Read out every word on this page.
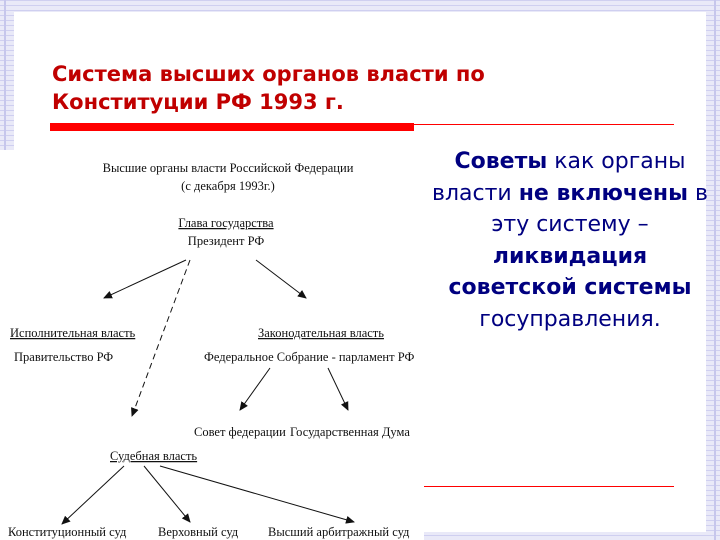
Система высших органов власти по
Конституции РФ 1993 г.
Высшие органы власти Российской Федерации
(с декабря 1993г.)
Глава государства
Президент РФ
Исполнительная власть
Правительство РФ
Законодательная власть
Федеральное Собрание - парламент РФ
Совет федерации Государственная Дума
Судебная власть
Конституционный суд	Верховный суд Высший арбитражный суд
Советы как органы власти не включены в эту систему – ликвидация советской системы госуправления.
